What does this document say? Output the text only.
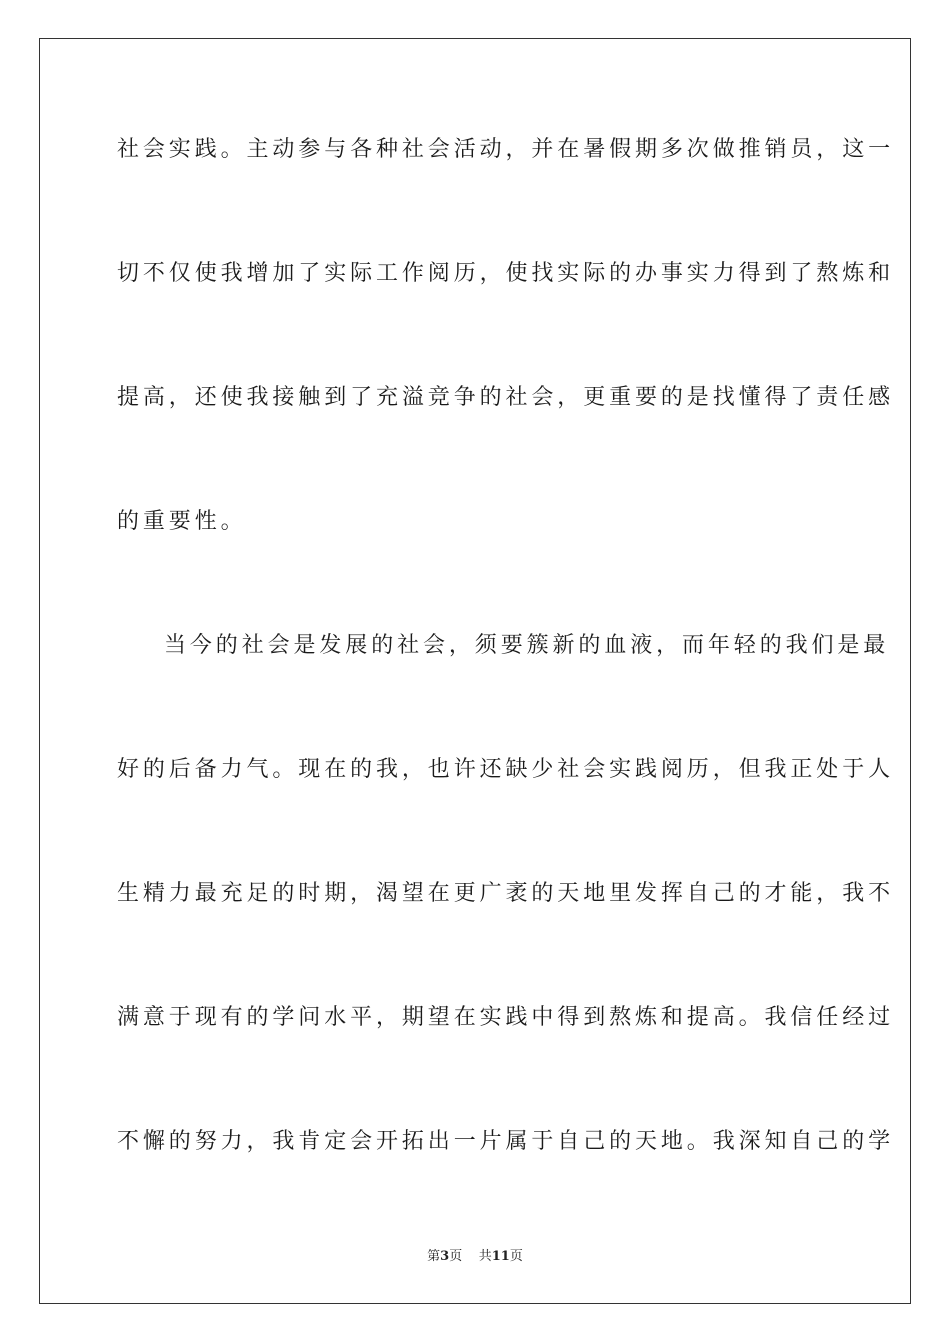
社会实践。主动参与各种社会活动，并在暑假期多次做推销员，这一
切不仅使我增加了实际工作阅历，使找实际的办事实力得到了熬炼和
提高，还使我接触到了充溢竞争的社会，更重要的是找懂得了责任感
的重要性。
当今的社会是发展的社会，须要簇新的血液，而年轻的我们是最
好的后备力气。现在的我，也许还缺少社会实践阅历，但我正处于人
生精力最充足的时期，渴望在更广袤的天地里发挥自己的才能，我不
满意于现有的学问水平，期望在实践中得到熬炼和提高。我信任经过
不懈的努力，我肯定会开拓出一片属于自己的天地。我深知自己的学
第3页 共11页
